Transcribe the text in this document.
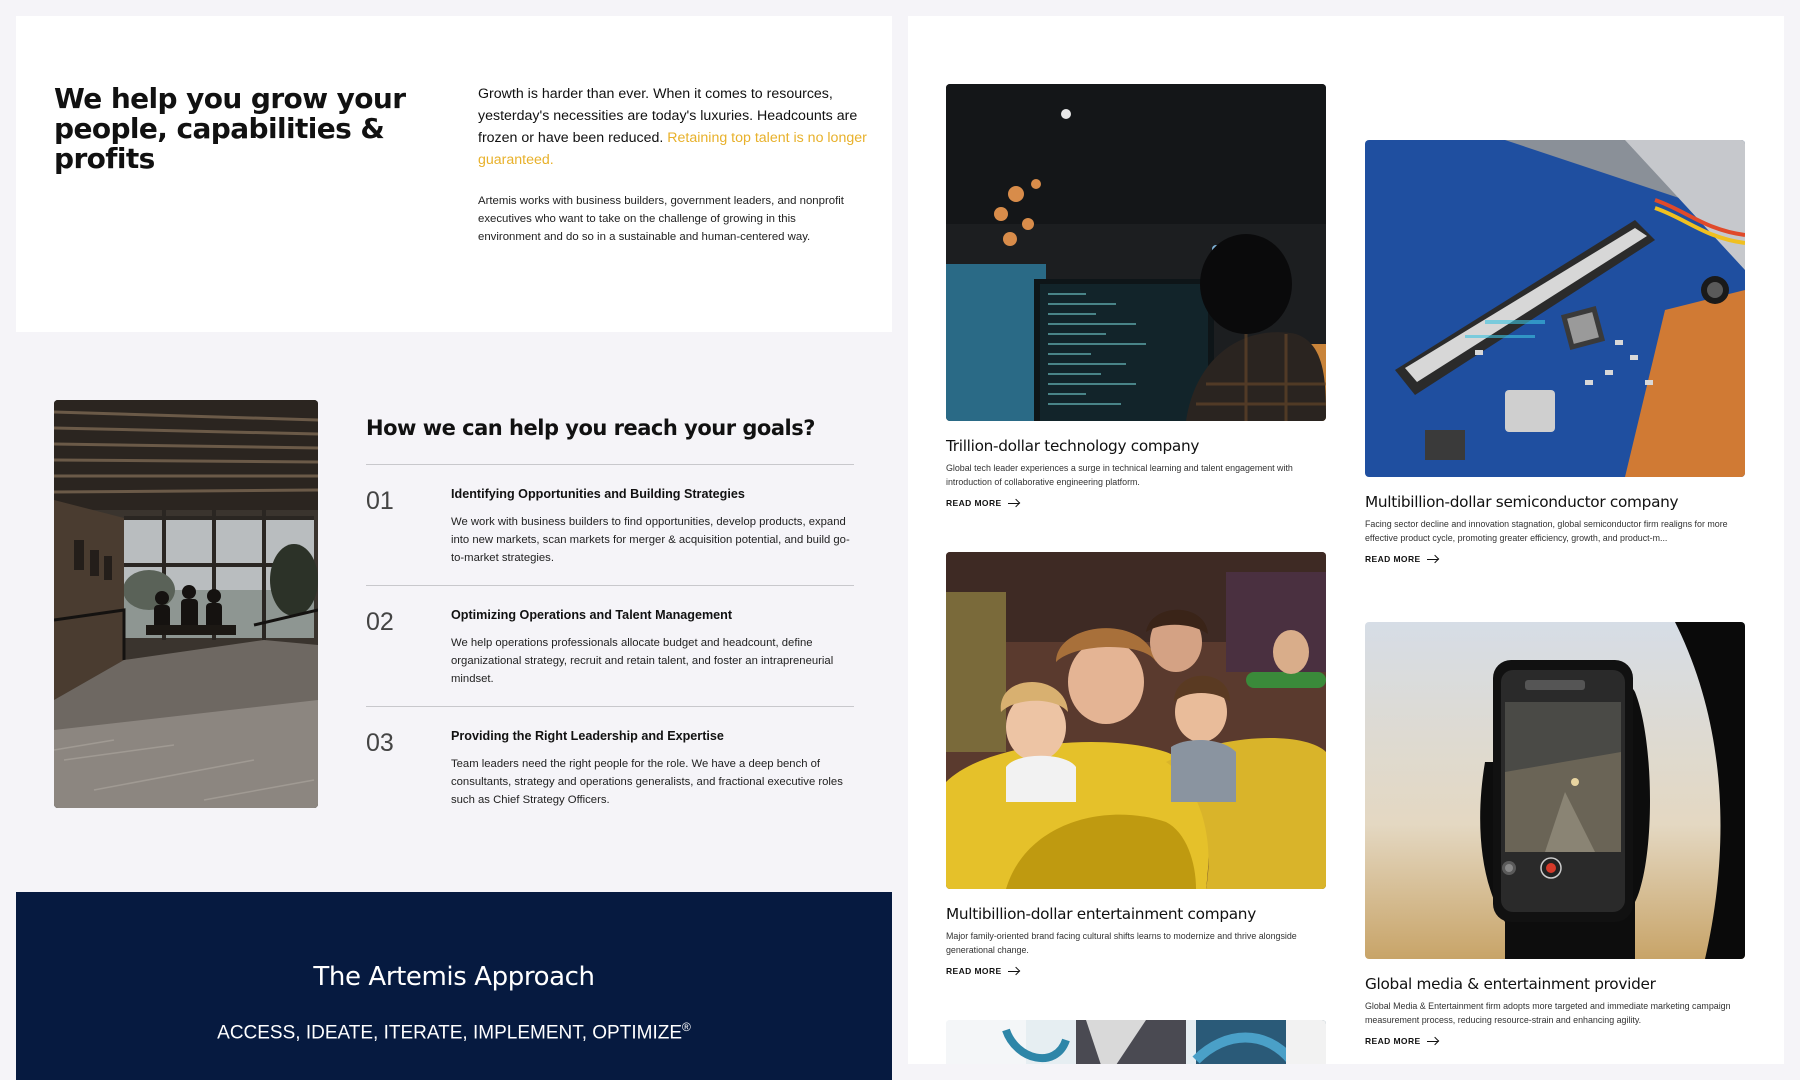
We help you grow your people, capabilities & profits

Growth is harder than ever. When it comes to resources, yesterday's necessities are today's luxuries. Headcounts are frozen or have been reduced. Retaining top talent is no longer guaranteed.

Artemis works with business builders, government leaders, and nonprofit executives who want to take on the challenge of growing in this environment and do so in a sustainable and human-centered way.

How we can help you reach your goals?
01	Identifying Opportunities and Building Strategies
We work with business builders to find opportunities, develop products, expand into new markets, scan markets for merger & acquisition potential, and build go-to-market strategies.
02	Optimizing Operations and Talent Management
We help operations professionals allocate budget and headcount, define organizational strategy, recruit and retain talent, and foster an intrapreneurial mindset.
03	Providing the Right Leadership and Expertise
Team leaders need the right people for the role. We have a deep bench of consultants, strategy and operations generalists, and fractional executive roles such as Chief Strategy Officers.
The Artemis Approach
ACCESS, IDEATE, ITERATE, IMPLEMENT, OPTIMIZE®
Trillion-dollar technology company
Global tech leader experiences a surge in technical learning and talent engagement with introduction of collaborative engineering platform.
READ MORE	Multibillion-dollar semiconductor company
Facing sector decline and innovation stagnation, global semiconductor firm realigns for more effective product cycle, promoting greater efficiency, growth, and product-m...
READ MORE
Multibillion-dollar entertainment company
Major family-oriented brand facing cultural shifts learns to modernize and thrive alongside generational change.
READ MORE
Global media & entertainment provider
Global Media & Entertainment firm adopts more targeted and immediate marketing campaign measurement process, reducing resource-strain and enhancing agility.
READ MORE
